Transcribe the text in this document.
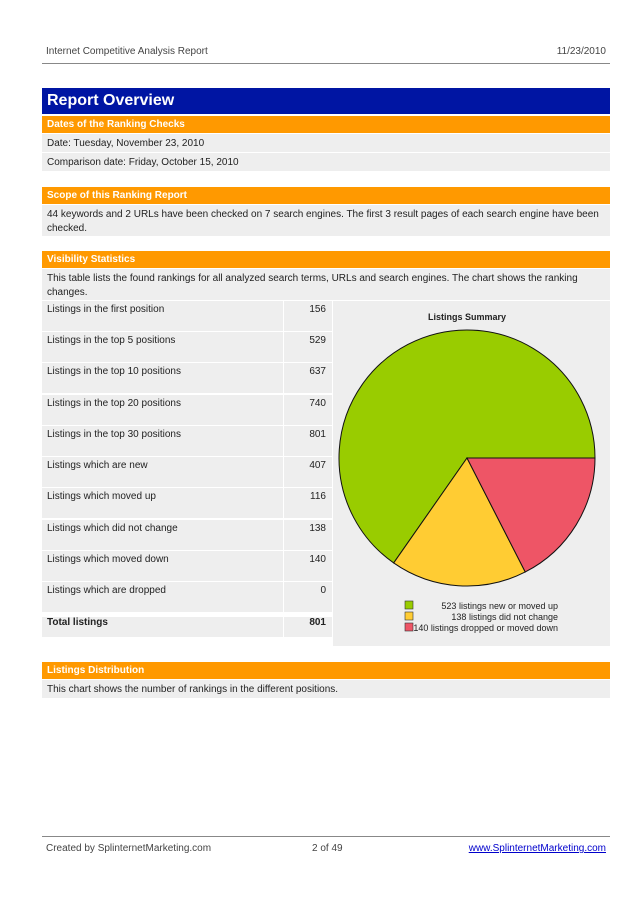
Internet Competitive Analysis Report	11/23/2010
Report Overview
Dates of the Ranking Checks
Date: Tuesday, November 23, 2010
Comparison date: Friday, October 15, 2010
Scope of this Ranking Report
44 keywords and 2 URLs have been checked on 7 search engines. The first 3 result pages of each search engine have been checked.
Visibility Statistics
This table lists the found rankings for all analyzed search terms, URLs and search engines. The chart shows the ranking changes.
Listings in the first position	156
Listings in the top 5 positions	529
Listings in the top 10 positions	637
Listings in the top 20 positions	740
Listings in the top 30 positions	801
Listings which are new	407
Listings which moved up	116
Listings which did not change	138
Listings which moved down	140
Listings which are dropped	0
Total listings	801
Listings Summary
523 listings new or moved up
138 listings did not change
140 listings dropped or moved down
Listings Distribution
This chart shows the number of rankings in the different positions.
Created by SplinternetMarketing.com	2 of 49	www.SplinternetMarketing.com
